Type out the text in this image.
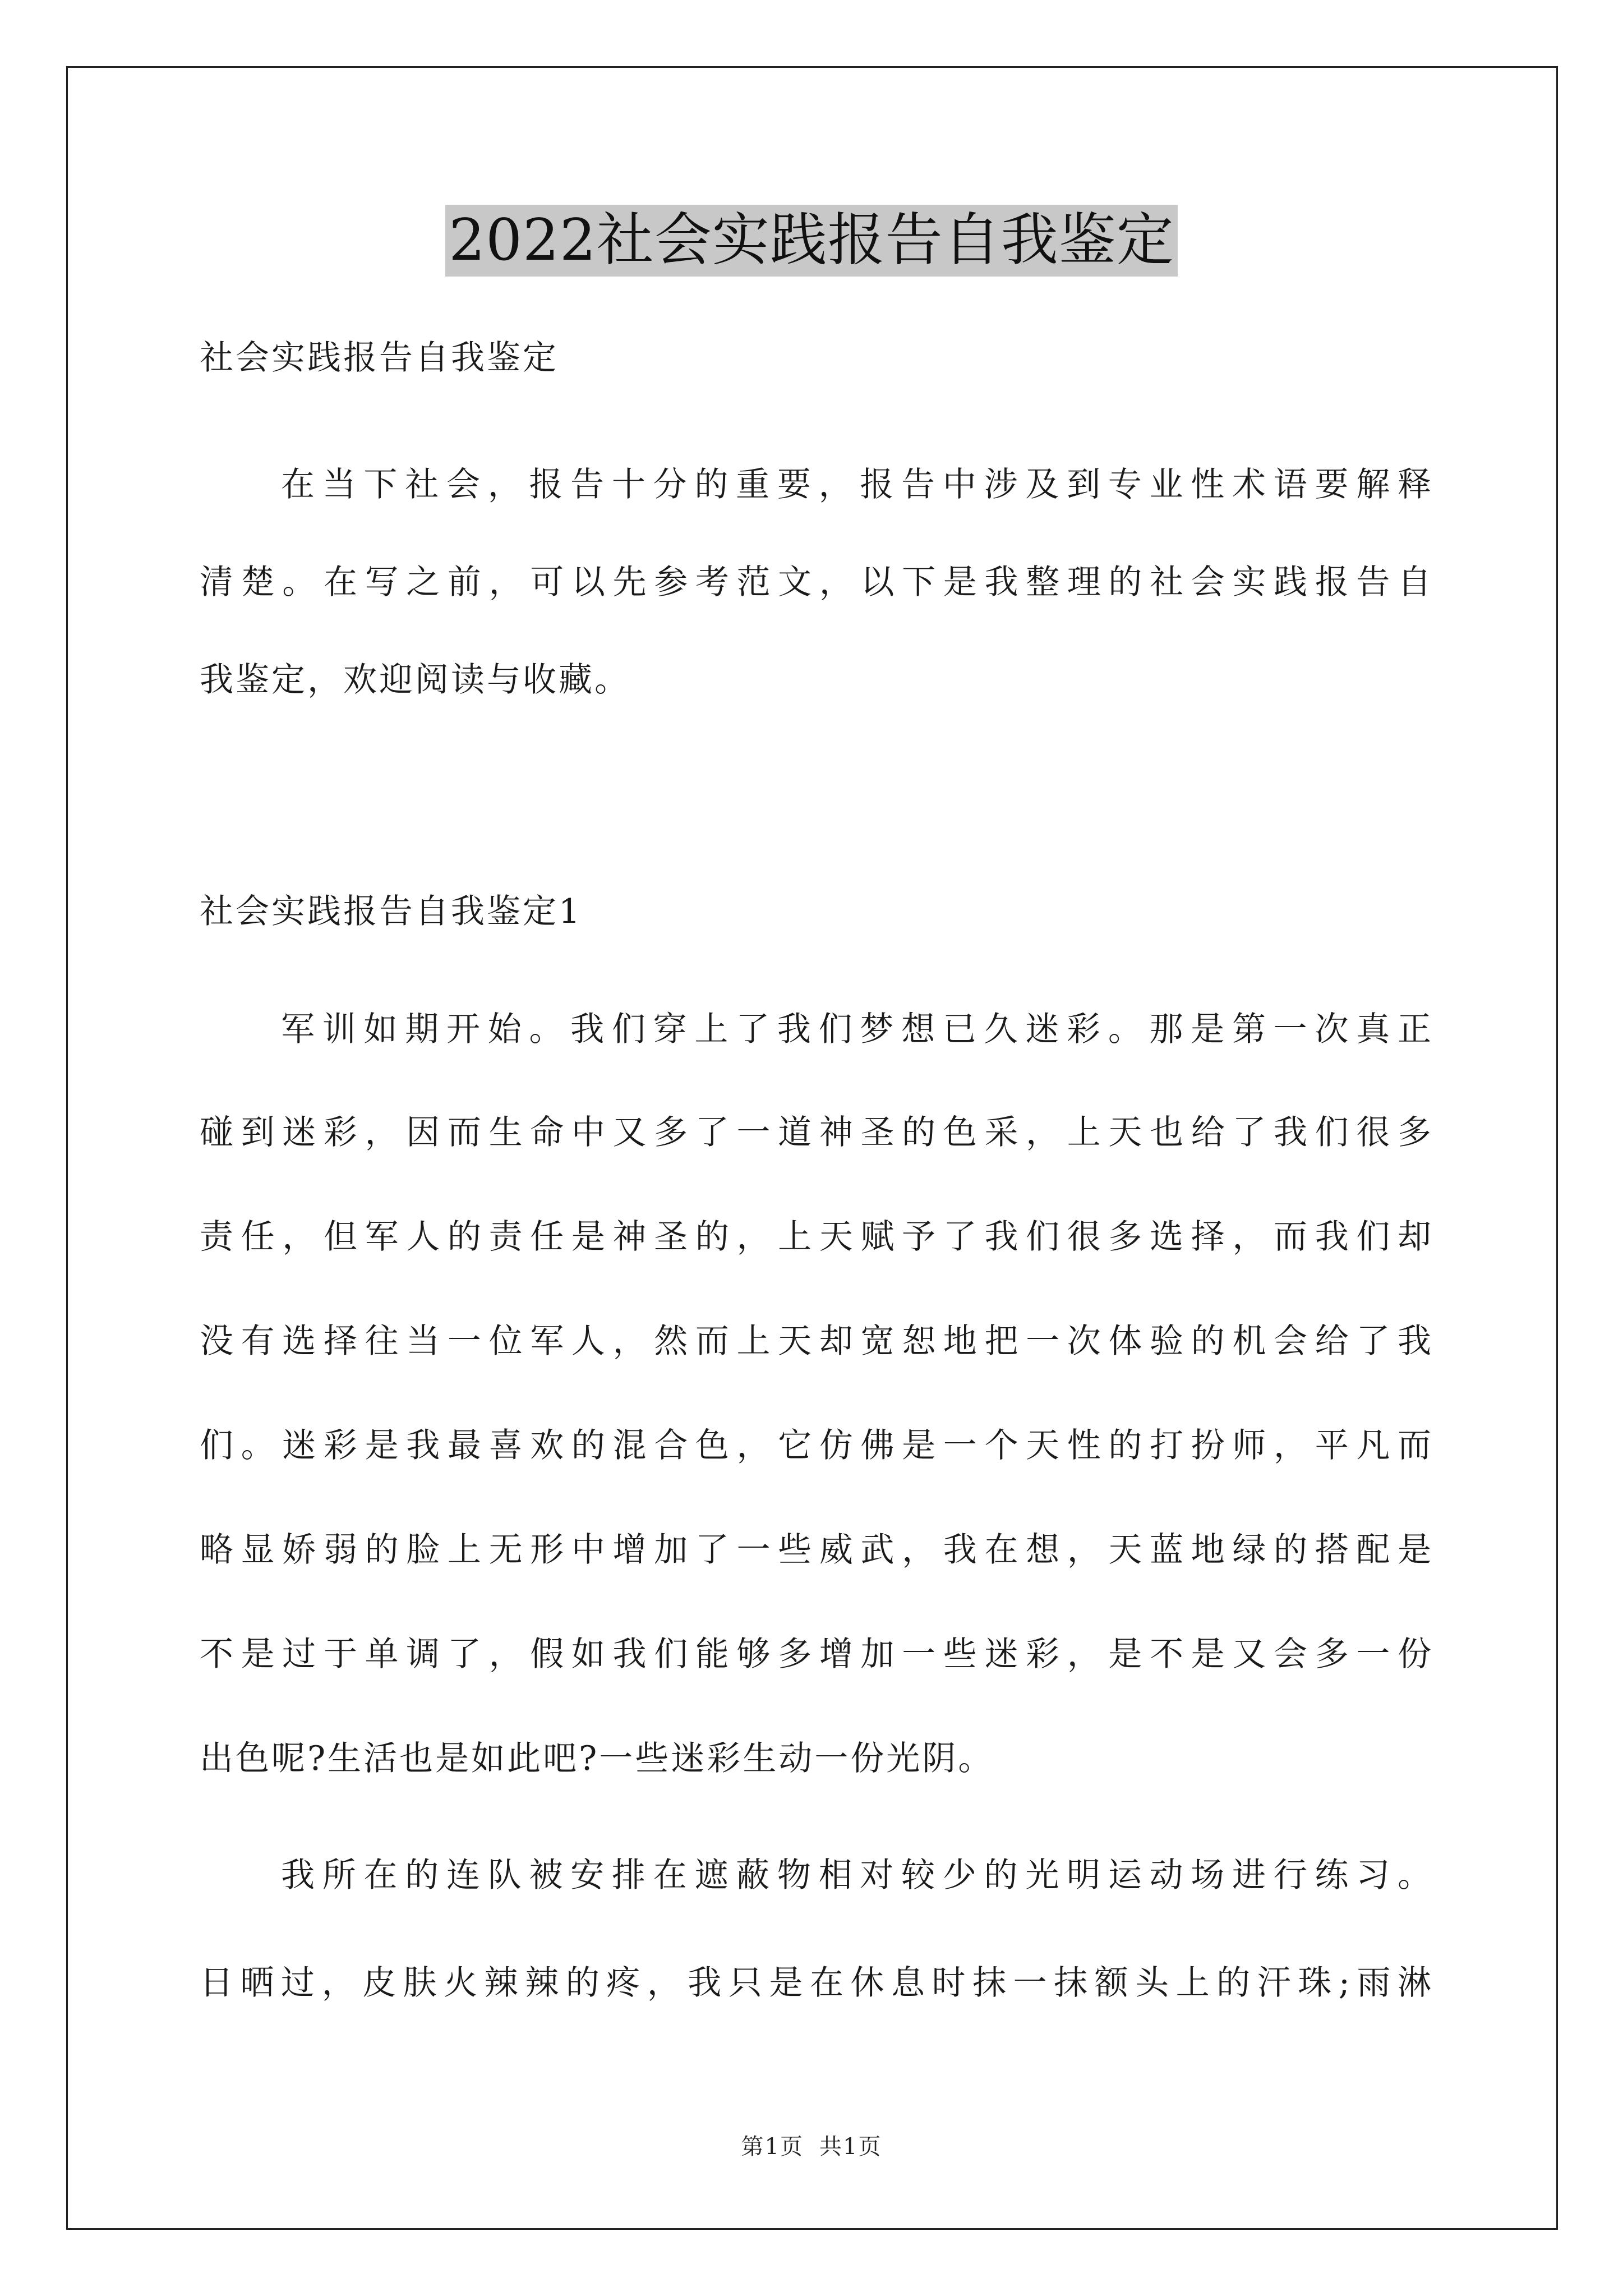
2022社会实践报告自我鉴定
社会实践报告自我鉴定
在当下社会，报告十分的重要，报告中涉及到专业性术语要解释
清楚。在写之前，可以先参考范文，以下是我整理的社会实践报告自
我鉴定，欢迎阅读与收藏。
社会实践报告自我鉴定1
军训如期开始。我们穿上了我们梦想已久迷彩。那是第一次真正
碰到迷彩，因而生命中又多了一道神圣的色采，上天也给了我们很多
责任，但军人的责任是神圣的，上天赋予了我们很多选择，而我们却
没有选择往当一位军人，然而上天却宽恕地把一次体验的机会给了我
们。迷彩是我最喜欢的混合色，它仿佛是一个天性的打扮师，平凡而
略显娇弱的脸上无形中增加了一些威武，我在想，天蓝地绿的搭配是
不是过于单调了，假如我们能够多增加一些迷彩，是不是又会多一份
出色呢?生活也是如此吧?一些迷彩生动一份光阴。
我所在的连队被安排在遮蔽物相对较少的光明运动场进行练习。
日晒过，皮肤火辣辣的疼，我只是在休息时抹一抹额头上的汗珠;雨淋
第1页 共1页
